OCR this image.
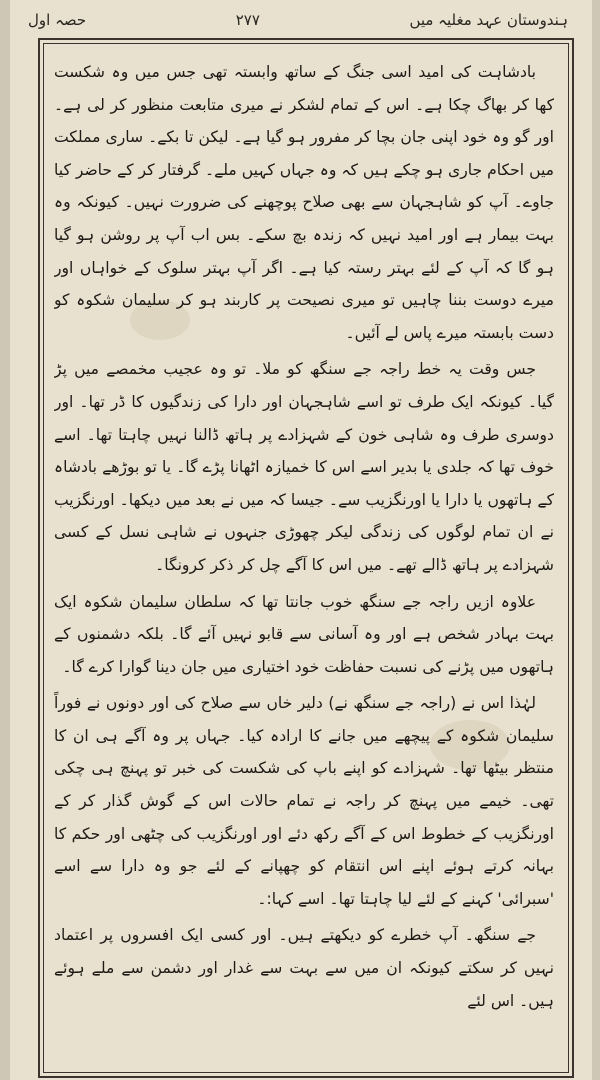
ہندوستان عہد مغلیہ میں
۲۷۷
حصہ اول

بادشاہت کی امید اسی جنگ کے ساتھ وابستہ تھی جس میں وہ شکست کھا کر بھاگ چکا ہے۔ اس کے تمام لشکر نے میری متابعت منظور کر لی ہے۔ اور گو وہ خود اپنی جان بچا کر مفرور ہو گیا ہے۔ لیکن تا بکے۔ ساری مملکت میں احکام جاری ہو چکے ہیں کہ وہ جہاں کہیں ملے۔ گرفتار کر کے حاضر کیا جاوے۔ آپ کو شاہجہان سے بھی صلاح پوچھنے کی ضرورت نہیں۔ کیونکہ وہ بہت بیمار ہے اور امید نہیں کہ زندہ بچ سکے۔ بس اب آپ پر روشن ہو گیا ہو گا کہ آپ کے لئے بہتر رستہ کیا ہے۔ اگر آپ بہتر سلوک کے خواہاں اور میرے دوست بننا چاہیں تو میری نصیحت پر کاربند ہو کر سلیمان شکوہ کو دست بابستہ میرے پاس لے آئیں۔

جس وقت یہ خط راجہ جے سنگھ کو ملا۔ تو وہ عجیب مخمصے میں پڑ گیا۔ کیونکہ ایک طرف تو اسے شاہجہان اور دارا کی زندگیوں کا ڈر تھا۔ اور دوسری طرف وہ شاہی خون کے شہزادے پر ہاتھ ڈالنا نہیں چاہتا تھا۔ اسے خوف تھا کہ جلدی یا بدیر اسے اس کا خمیازہ اٹھانا پڑے گا۔ یا تو بوڑھے بادشاہ کے ہاتھوں یا دارا یا اورنگزیب سے۔ جیسا کہ میں نے بعد میں دیکھا۔ اورنگزیب نے ان تمام لوگوں کی زندگی لیکر چھوڑی جنہوں نے شاہی نسل کے کسی شہزادے پر ہاتھ ڈالے تھے۔ میں اس کا آگے چل کر ذکر کرونگا۔

علاوہ ازیں راجہ جے سنگھ خوب جانتا تھا کہ سلطان سلیمان شکوہ ایک بہت بہادر شخص ہے اور وہ آسانی سے قابو نہیں آئے گا۔ بلکہ دشمنوں کے ہاتھوں میں پڑنے کی نسبت حفاظت خود اختیاری میں جان دینا گوارا کرے گا۔

لہٰذا اس نے (راجہ جے سنگھ نے) دلیر خاں سے صلاح کی اور دونوں نے فوراً سلیمان شکوہ کے پیچھے میں جانے کا ارادہ کیا۔ جہاں پر وہ آگے ہی ان کا منتظر بیٹھا تھا۔ شہزادے کو اپنے باپ کی شکست کی خبر تو پہنچ ہی چکی تھی۔ خیمے میں پہنچ کر راجہ نے تمام حالات اس کے گوش گذار کر کے اورنگزیب کے خطوط اس کے آگے رکھ دئے اور اورنگزیب کی چٹھی اور حکم کا بہانہ کرتے ہوئے اپنے اس انتقام کو چھپانے کے لئے جو وہ دارا سے اسے 'سبرائی' کہنے کے لئے لیا چاہتا تھا۔ اسے کہا:۔

جے سنگھ۔ آپ خطرے کو دیکھتے ہیں۔ اور کسی ایک افسروں پر اعتماد نہیں کر سکتے کیونکہ ان میں سے بہت سے غدار اور دشمن سے ملے ہوئے ہیں۔ اس لئے
